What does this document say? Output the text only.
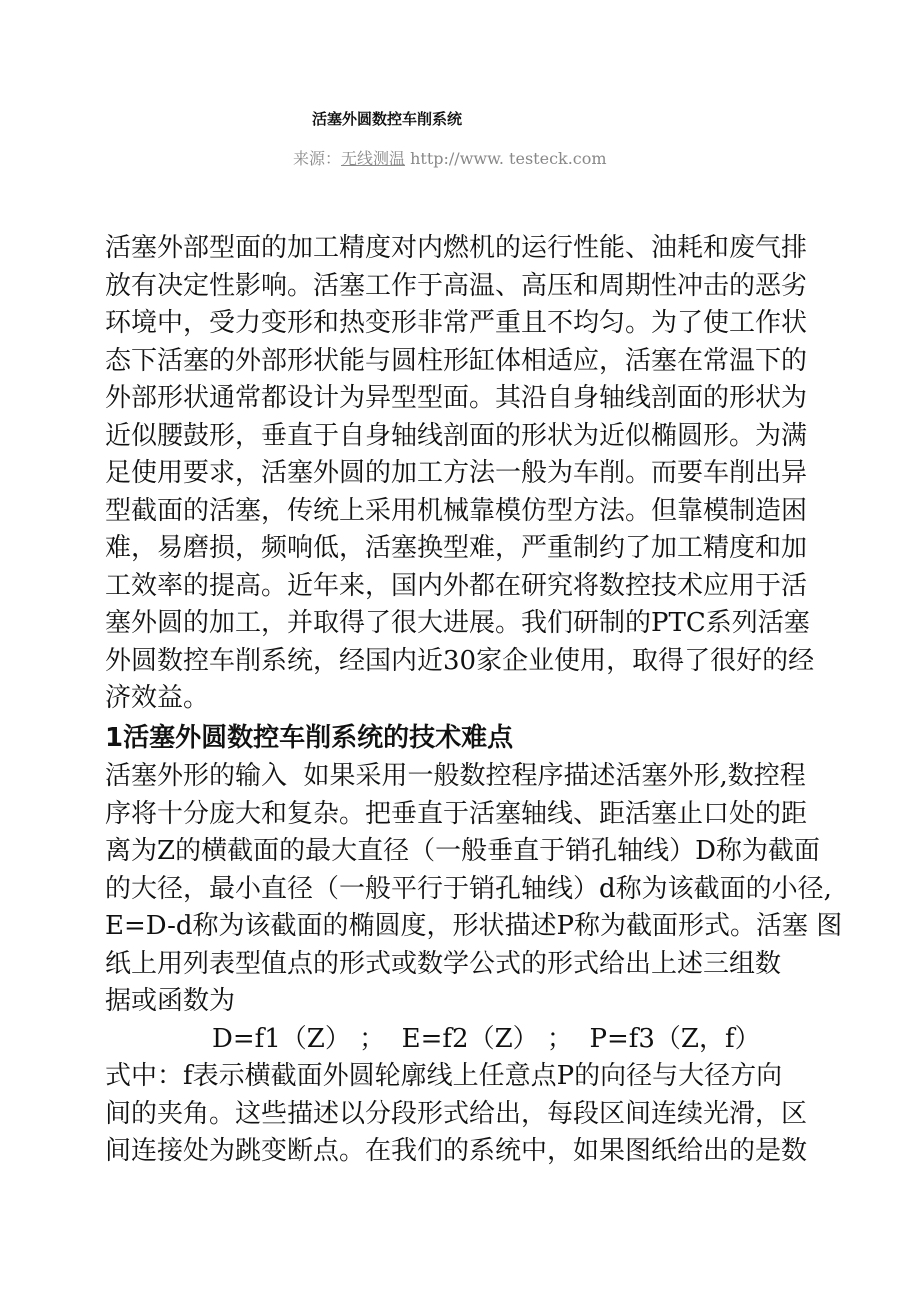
活塞外圆数控车削系统
来源：无线测温 http://www. testeck.com
活塞外部型面的加工精度对内燃机的运行性能、油耗和废气排
放有决定性影响。活塞工作于高温、高压和周期性冲击的恶劣
环境中，受力变形和热变形非常严重且不均匀。为了使工作状
态下活塞的外部形状能与圆柱形缸体相适应，活塞在常温下的
外部形状通常都设计为异型型面。其沿自身轴线剖面的形状为
近似腰鼓形，垂直于自身轴线剖面的形状为近似椭圆形。为满
足使用要求，活塞外圆的加工方法一般为车削。而要车削出异
型截面的活塞，传统上采用机械靠模仿型方法。但靠模制造困
难，易磨损，频响低，活塞换型难，严重制约了加工精度和加
工效率的提高。近年来，国内外都在研究将数控技术应用于活
塞外圆的加工，并取得了很大进展。我们研制的PTC系列活塞
外圆数控车削系统，经国内近30家企业使用，取得了很好的经
济效益。
1活塞外圆数控车削系统的技术难点
活塞外形的输入  如果采用一般数控程序描述活塞外形,数控程
序将十分庞大和复杂。把垂直于活塞轴线、距活塞止口处的距
离为Z的横截面的最大直径（一般垂直于销孔轴线）D称为截面
的大径，最小直径（一般平行于销孔轴线）d称为该截面的小径,
E=D-d称为该截面的椭圆度，形状描述P称为截面形式。活塞 图
纸上用列表型值点的形式或数学公式的形式给出上述三组数
据或函数为
D=f1（Z） ；  E=f2（Z） ；  P=f3（Z，f）
式中：f表示横截面外圆轮廓线上任意点P的向径与大径方向
间的夹角。这些描述以分段形式给出，每段区间连续光滑，区
间连接处为跳变断点。在我们的系统中，如果图纸给出的是数
